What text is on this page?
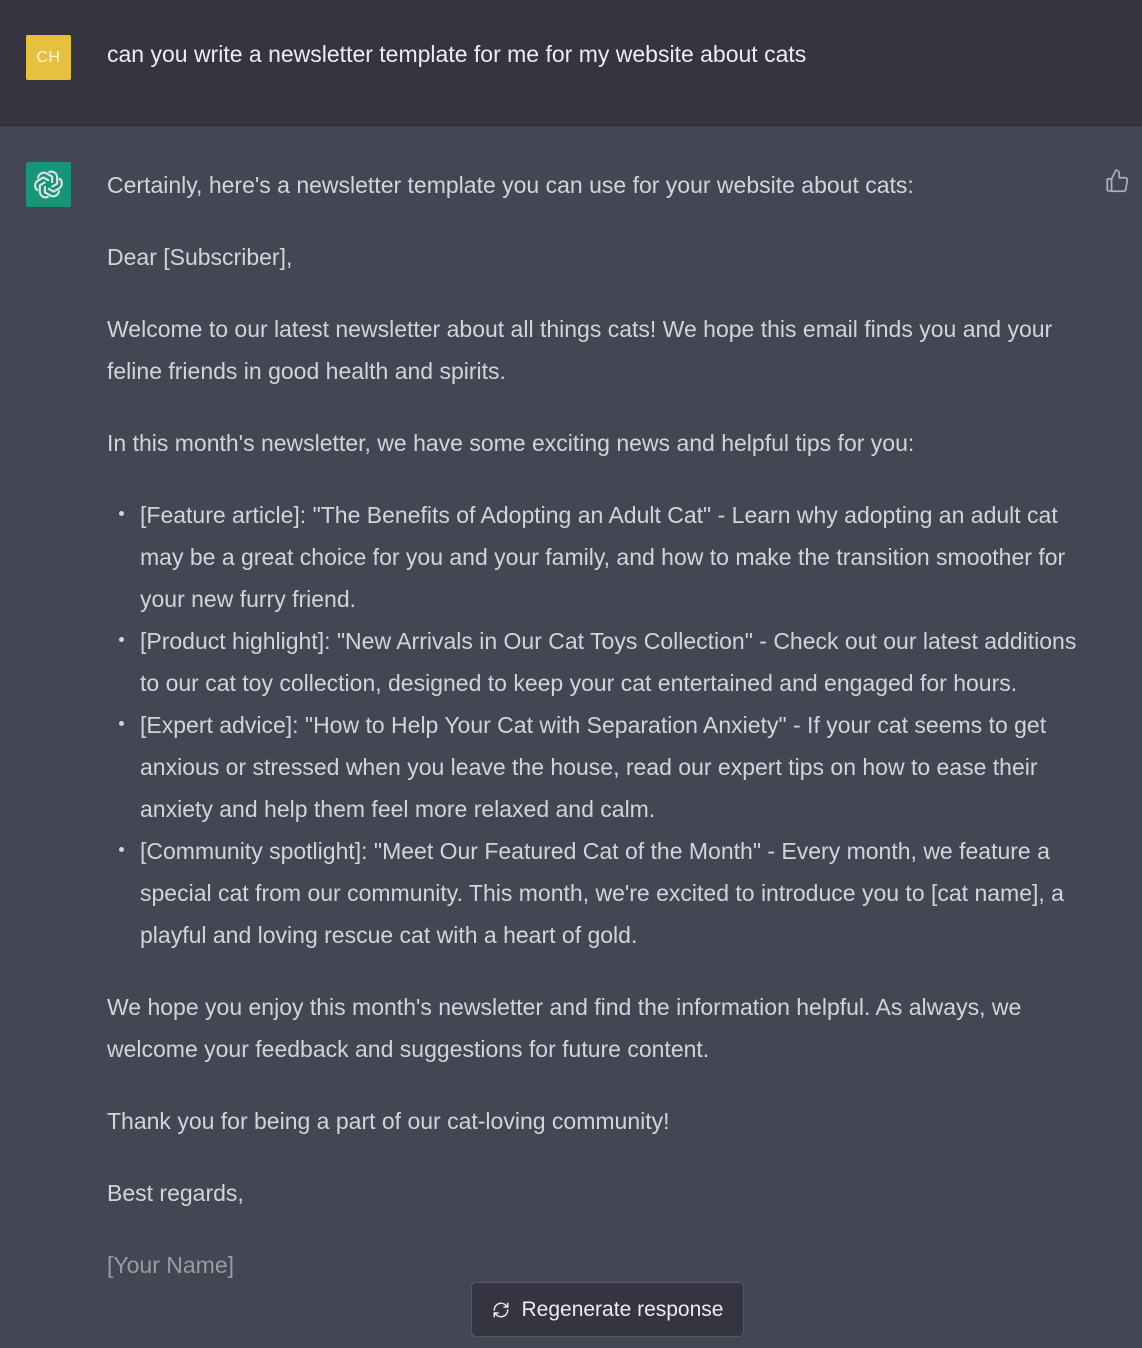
CH can you write a newsletter template for me for my website about cats

Certainly, here's a newsletter template you can use for your website about cats:

Dear [Subscriber],

Welcome to our latest newsletter about all things cats! We hope this email finds you and your feline friends in good health and spirits.

In this month's newsletter, we have some exciting news and helpful tips for you:

[Feature article]: "The Benefits of Adopting an Adult Cat" - Learn why adopting an adult cat may be a great choice for you and your family, and how to make the transition smoother for your new furry friend.
[Product highlight]: "New Arrivals in Our Cat Toys Collection" - Check out our latest additions to our cat toy collection, designed to keep your cat entertained and engaged for hours.
[Expert advice]: "How to Help Your Cat with Separation Anxiety" - If your cat seems to get anxious or stressed when you leave the house, read our expert tips on how to ease their anxiety and help them feel more relaxed and calm.
[Community spotlight]: "Meet Our Featured Cat of the Month" - Every month, we feature a special cat from our community. This month, we're excited to introduce you to [cat name], a playful and loving rescue cat with a heart of gold.

We hope you enjoy this month's newsletter and find the information helpful. As always, we welcome your feedback and suggestions for future content.

Thank you for being a part of our cat-loving community!

Best regards,

[Your Name]

Regenerate response
